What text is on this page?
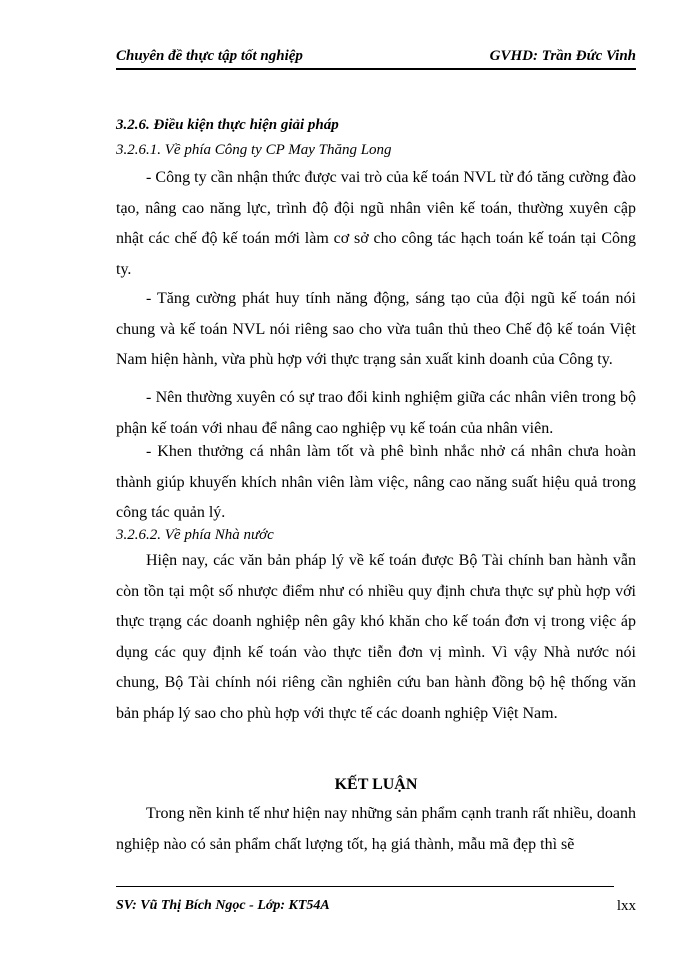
Chuyên đề thực tập tốt nghiệp	GVHD: Trần Đức Vinh
3.2.6. Điều kiện thực hiện giải pháp
3.2.6.1. Về phía Công ty CP May Thăng Long
- Công ty cần nhận thức được vai trò của kế toán NVL từ đó tăng cường đào tạo, nâng cao năng lực, trình độ đội ngũ nhân viên kế toán, thường xuyên cập nhật các chế độ kế toán mới làm cơ sở cho công tác hạch toán kế toán tại Công ty.
- Tăng cường phát huy tính năng động, sáng tạo của đội ngũ kế toán nói chung và kế toán NVL nói riêng sao cho vừa tuân thủ theo Chế độ kế toán Việt Nam hiện hành, vừa phù hợp với thực trạng sản xuất kinh doanh của Công ty.
- Nên thường xuyên có sự trao đổi kinh nghiệm giữa các nhân viên trong bộ phận kế toán với nhau để nâng cao nghiệp vụ kế toán của nhân viên.
- Khen thưởng cá nhân làm tốt và phê bình nhắc nhở cá nhân chưa hoàn thành giúp khuyến khích nhân viên làm việc, nâng cao năng suất hiệu quả trong công tác quản lý.
3.2.6.2. Về phía Nhà nước
Hiện nay, các văn bản pháp lý về kế toán được Bộ Tài chính ban hành vẫn còn tồn tại một số nhược điểm như có nhiều quy định chưa thực sự phù hợp với thực trạng các doanh nghiệp nên gây khó khăn cho kế toán đơn vị trong việc áp dụng các quy định kế toán vào thực tiễn đơn vị mình. Vì vậy Nhà nước nói chung, Bộ Tài chính nói riêng cần nghiên cứu ban hành đồng bộ hệ thống văn bản pháp lý sao cho phù hợp với thực tế các doanh nghiệp Việt Nam.
KẾT LUẬN
Trong nền kinh tế như hiện nay những sản phẩm cạnh tranh rất nhiều, doanh nghiệp nào có sản phẩm chất lượng tốt, hạ giá thành, mẫu mã đẹp thì sẽ
SV: Vũ Thị Bích Ngọc - Lớp: KT54A	lxx
